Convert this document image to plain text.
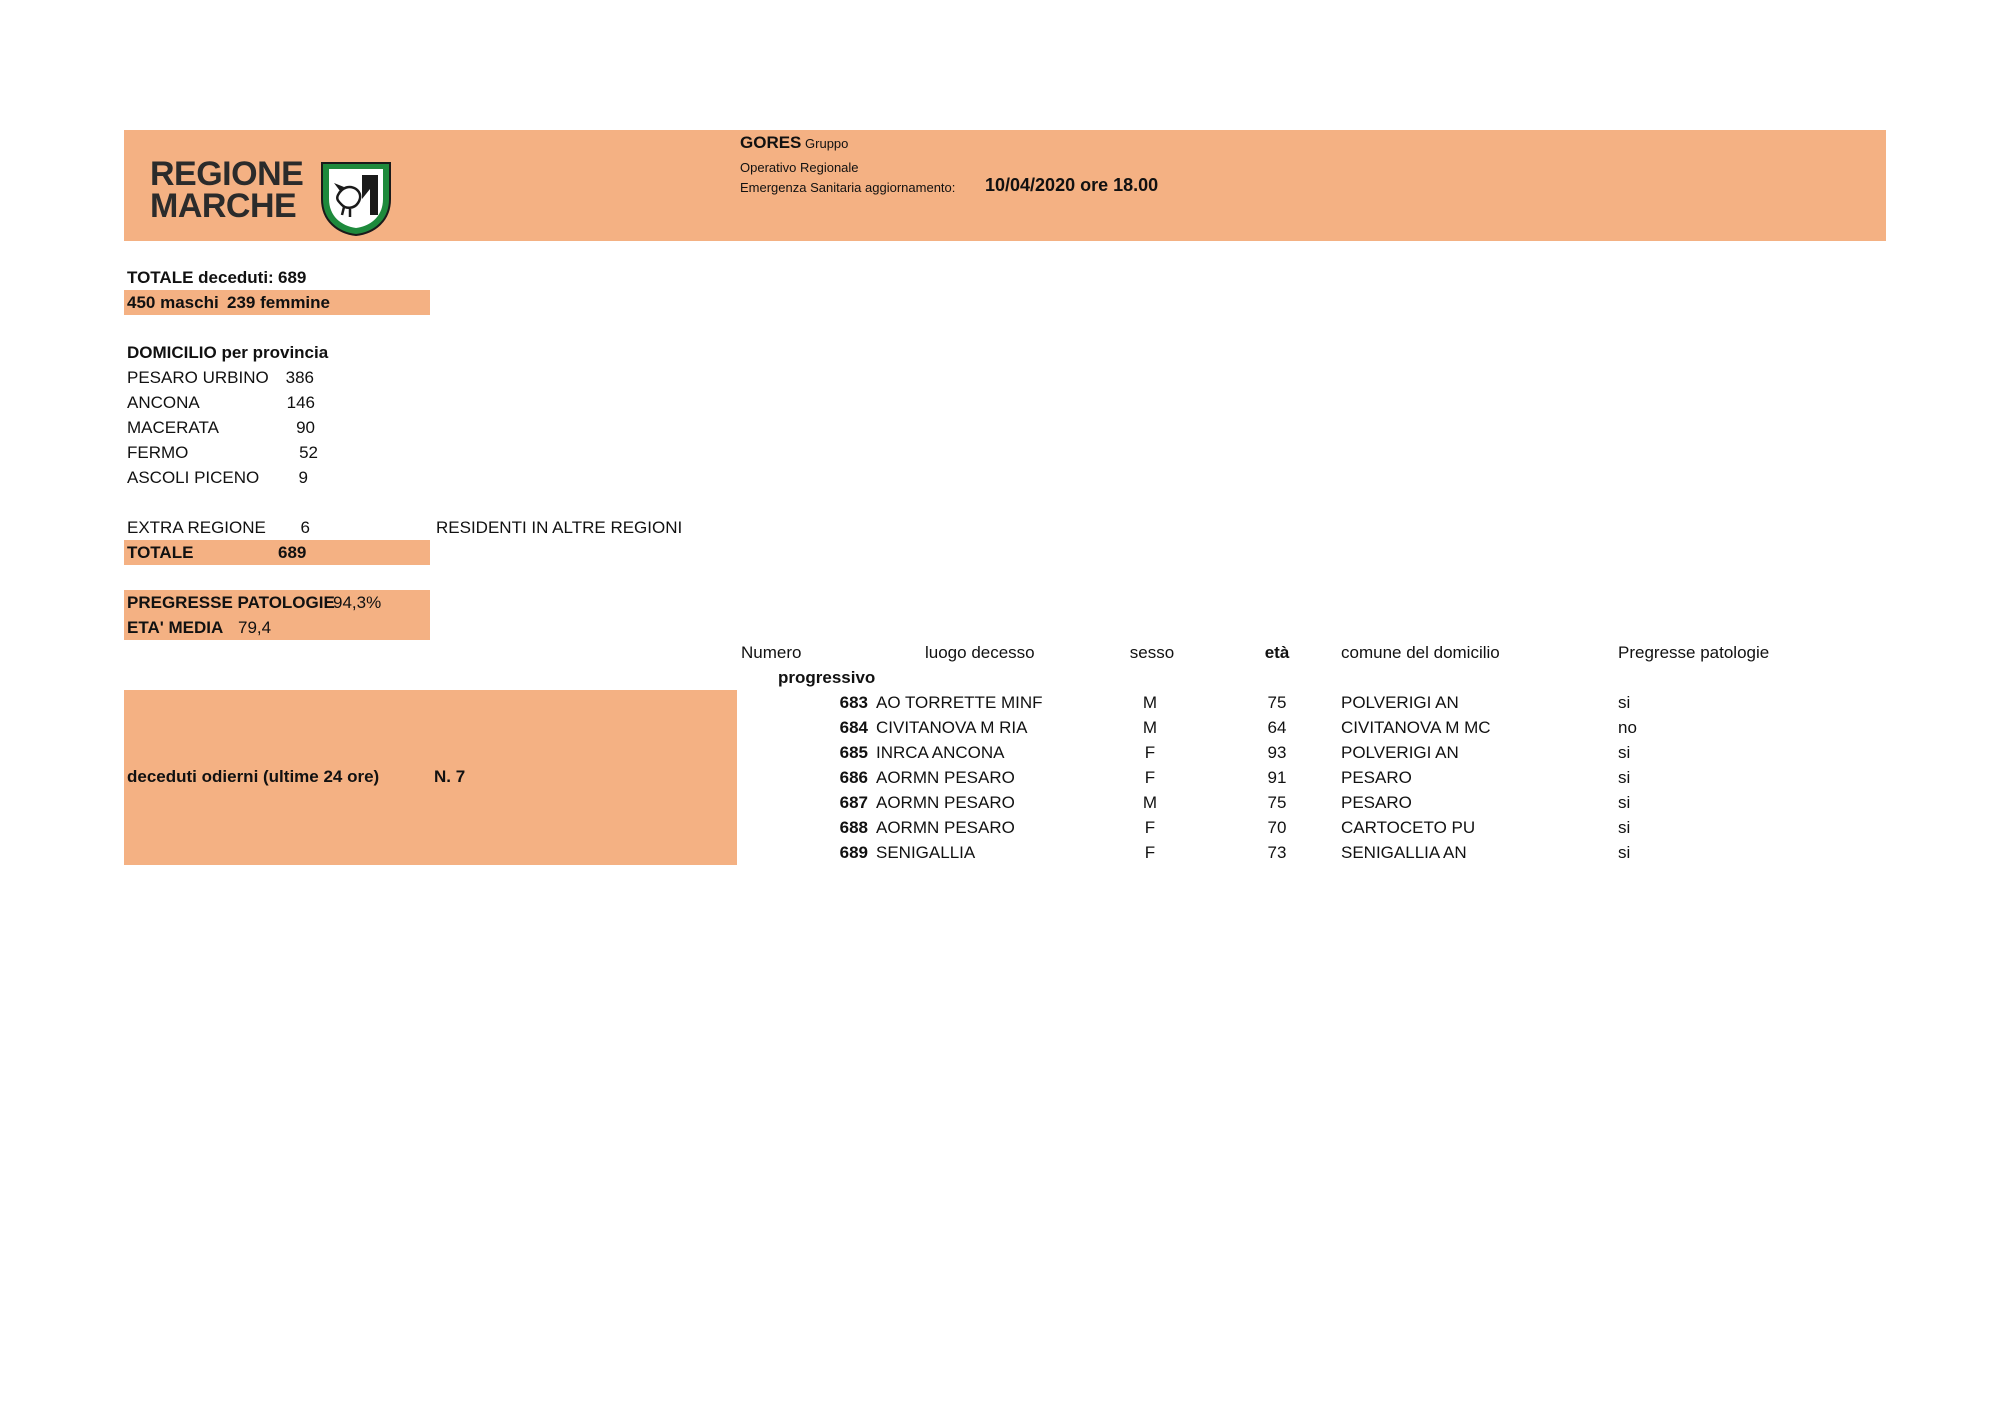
REGIONE
MARCHE
GORES Gruppo
Operativo Regionale
Emergenza Sanitaria aggiornamento: 10/04/2020 ore 18.00
TOTALE deceduti: 689
450 maschi 239 femmine
DOMICILIO per provincia
PESARO URBINO 386
ANCONA	146
MACERATA	90
FERMO	52
ASCOLI PICENO	9
EXTRA REGIONE	6	RESIDENTI IN ALTRE REGIONI
TOTALE	689
PREGRESSE PATOLOGIE
94,3%
ETA' MEDIA 79,4
deceduti odierni (ultime 24 ore)	N. 7
Numero
progressivo
luogo decesso	sesso	età	comune del domicilio	Pregresse patologie
683 AO TORRETTE MINF	M	75	POLVERIGI AN	si
684 CIVITANOVA M RIA	M	64	CIVITANOVA M MC	no
685 INRCA ANCONA	F	93	POLVERIGI AN	si
686 AORMN PESARO	F	91	PESARO	si
687 AORMN PESARO	M	75	PESARO	si
688 AORMN PESARO	F	70	CARTOCETO PU	si
689 SENIGALLIA	F	73	SENIGALLIA AN	si
